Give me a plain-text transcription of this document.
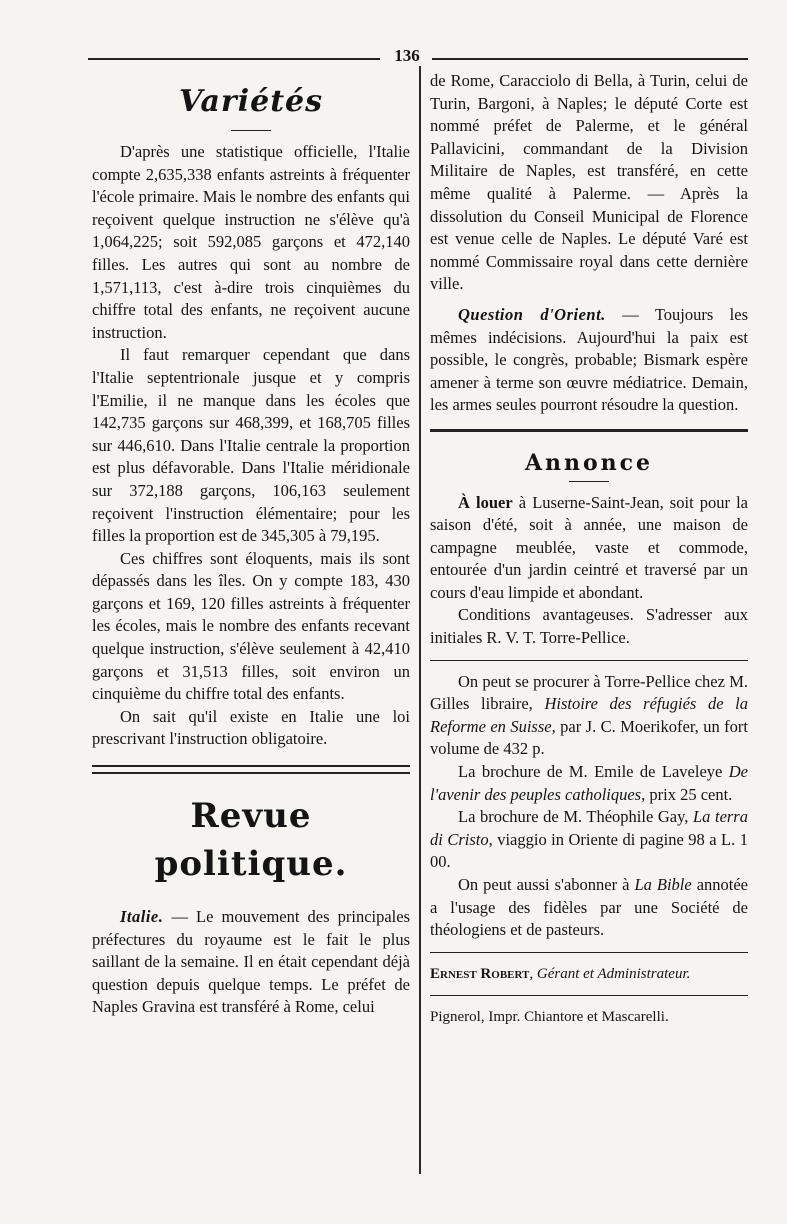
136
Variétés

D'après une statistique officielle, l'Italie compte 2,635,338 enfants astreints à fréquenter l'école primaire. Mais le nombre des enfants qui reçoivent quelque instruction ne s'élève qu'à 1,064,225; soit 592,085 garçons et 472,140 filles. Les autres qui sont au nombre de 1,571,113, c'est à-dire trois cinquièmes du chiffre total des enfants, ne reçoivent aucune instruction.

Il faut remarquer cependant que dans l'Italie septentrionale jusque et y compris l'Emilie, il ne manque dans les écoles que 142,735 garçons sur 468,399, et 168,705 filles sur 446,610. Dans l'Italie centrale la proportion est plus défavorable. Dans l'Italie méridionale sur 372,188 garçons, 106,163 seulement reçoivent l'instruction élémentaire; pour les filles la proportion est de 345,305 à 79,195.

Ces chiffres sont éloquents, mais ils sont dépassés dans les îles. On y compte 183, 430 garçons et 169, 120 filles astreints à fréquenter les écoles, mais le nombre des enfants recevant quelque instruction, s'élève seulement à 42,410 garçons et 31,513 filles, soit environ un cinquième du chiffre total des enfants.

On sait qu'il existe en Italie une loi prescrivant l'instruction obligatoire.

Revue politique.

Italie. — Le mouvement des principales préfectures du royaume est le fait le plus saillant de la semaine. Il en était cependant déjà question depuis quelque temps. Le préfet de Naples Gravina est transféré à Rome, celui

de Rome, Caracciolo di Bella, à Turin, celui de Turin, Bargoni, à Naples; le député Corte est nommé préfet de Palerme, et le général Pallavicini, commandant de la Division Militaire de Naples, est transféré, en cette même qualité à Palerme. — Après la dissolution du Conseil Municipal de Florence est venue celle de Naples. Le député Varé est nommé Commissaire royal dans cette dernière ville.

Question d'Orient. — Toujours les mêmes indécisions. Aujourd'hui la paix est possible, le congrès, probable; Bismark espère amener à terme son œuvre médiatrice. Demain, les armes seules pourront résoudre la question.

Annonce

À louer à Luserne-Saint-Jean, soit pour la saison d'été, soit à année, une maison de campagne meublée, vaste et commode, entourée d'un jardin ceintré et traversé par un cours d'eau limpide et abondant.

Conditions avantageuses. S'adresser aux initiales R. V. T. Torre-Pellice.

On peut se procurer à Torre-Pellice chez M. Gilles libraire, Histoire des réfugiés de la Reforme en Suisse, par J. C. Moerikofer, un fort volume de 432 p.

La brochure de M. Emile de Laveleye De l'avenir des peuples catholiques, prix 25 cent.

La brochure de M. Théophile Gay, La terra di Cristo, viaggio in Oriente di pagine 98 a L. 1 00.

On peut aussi s'abonner à La Bible annotée a l'usage des fidèles par une Société de théologiens et de pasteurs.

Ernest Robert, Gérant et Administrateur.

Pignerol, Impr. Chiantore et Mascarelli.
